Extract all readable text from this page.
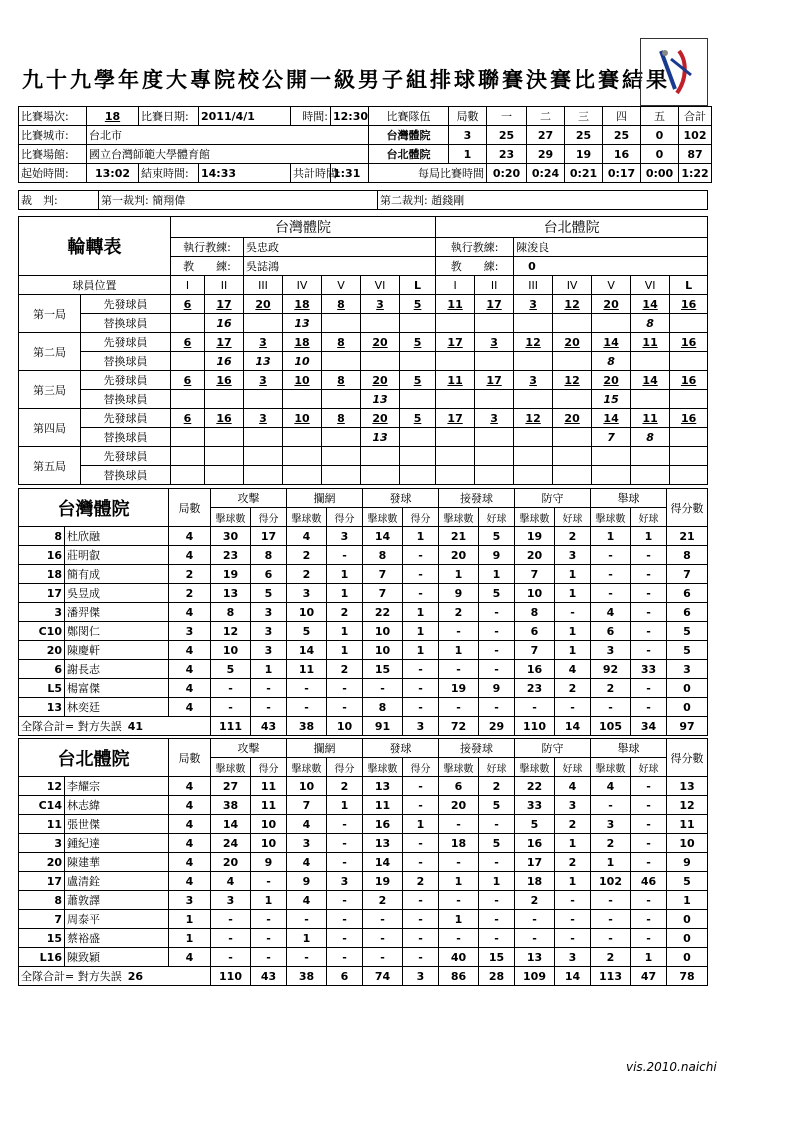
九十九學年度大專院校公開一級男子組排球聯賽決賽比賽結果
比賽場次:	18	比賽日期:	2011/4/1	時間:	12:30	比賽隊伍	局數	一	二	三	四	五	合計
比賽城市:	台北市					台灣體院	3	25	27	25	25	0	102
比賽場館:	國立台灣師範大學體育館					台北體院	1	23	29	19	16	0	87
起始時間:	13:02	結束時間:	14:33	共計時間:	1:31	每局比賽時間		0:20	0:24	0:21	0:17	0:00	1:22
裁　判:	第一裁判: 簡翔偉	第二裁判: 趙錢剛
輪轉表		台灣體院							台北體院						
		執行教練:		吳忠政					執行教練:		陳浚良				
		教　　練:		吳誌鴻					教　　練:		0				
球員位置		I	II	III	IV	V	VI	L	I	II	III	IV	V	VI	L
第一局	先發球員	6	17	20	18	8	3	5	11	17	3	12	20	14	16
	替換球員		16		13									8	
第二局	先發球員	6	17	3	18	8	20	5	17	3	12	20	14	11	16
	替換球員		16	13	10								8		
第三局	先發球員	6	16	3	10	8	20	5	11	17	3	12	20	14	16
	替換球員						13						15		
第四局	先發球員	6	16	3	10	8	20	5	17	3	12	20	14	11	16
	替換球員						13						7	8	
第五局	先發球員														
	替換球員														
台灣體院		局數	攻擊		攔網		發球		接發球		防守		舉球		得分數
			擊球數	得分	擊球數	得分	擊球數	得分	擊球數	好球	擊球數	好球	擊球數	好球	
8	杜欣融	4	30	17	4	3	14	1	21	5	19	2	1	1	21
16	莊明叡	4	23	8	2	-	8	-	20	9	20	3	-	-	8
18	簡有成	2	19	6	2	1	7	-	1	1	7	1	-	-	7
17	吳昱成	2	13	5	3	1	7	-	9	5	10	1	-	-	6
3	潘羿傑	4	8	3	10	2	22	1	2	-	8	-	4	-	6
C10	鄭閔仁	3	12	3	5	1	10	1	-	-	6	1	6	-	5
20	陳慶軒	4	10	3	14	1	10	1	1	-	7	1	3	-	5
6	謝長志	4	5	1	11	2	15	-	-	-	16	4	92	33	3
L5	楊富傑	4	-	-	-	-	-	-	19	9	23	2	2	-	0
13	林奕廷	4	-	-	-	-	8	-	-	-	-	-	-	-	0
全隊合計= 對方失誤 41			111	43	38	10	91	3	72	29	110	14	105	34	97
台北體院		局數	攻擊		攔網		發球		接發球		防守		舉球		得分數
			擊球數	得分	擊球數	得分	擊球數	得分	擊球數	好球	擊球數	好球	擊球數	好球	
12	李耀宗	4	27	11	10	2	13	-	6	2	22	4	4	-	13
C14	林志緯	4	38	11	7	1	11	-	20	5	33	3	-	-	12
11	張世傑	4	14	10	4	-	16	1	-	-	5	2	3	-	11
3	鍾紀達	4	24	10	3	-	13	-	18	5	16	1	2	-	10
20	陳建華	4	20	9	4	-	14	-	-	-	17	2	1	-	9
17	盧清銓	4	4	-	9	3	19	2	1	1	18	1	102	46	5
8	蕭敦譯	3	3	1	4	-	2	-	-	-	2	-	-	-	1
7	周泰平	1	-	-	-	-	-	-	1	-	-	-	-	-	0
15	蔡裕盛	1	-	-	1	-	-	-	-	-	-	-	-	-	0
L16	陳致穎	4	-	-	-	-	-	-	40	15	13	3	2	1	0
全隊合計= 對方失誤 26			110	43	38	6	74	3	86	28	109	14	113	47	78
vis.2010.naichi
